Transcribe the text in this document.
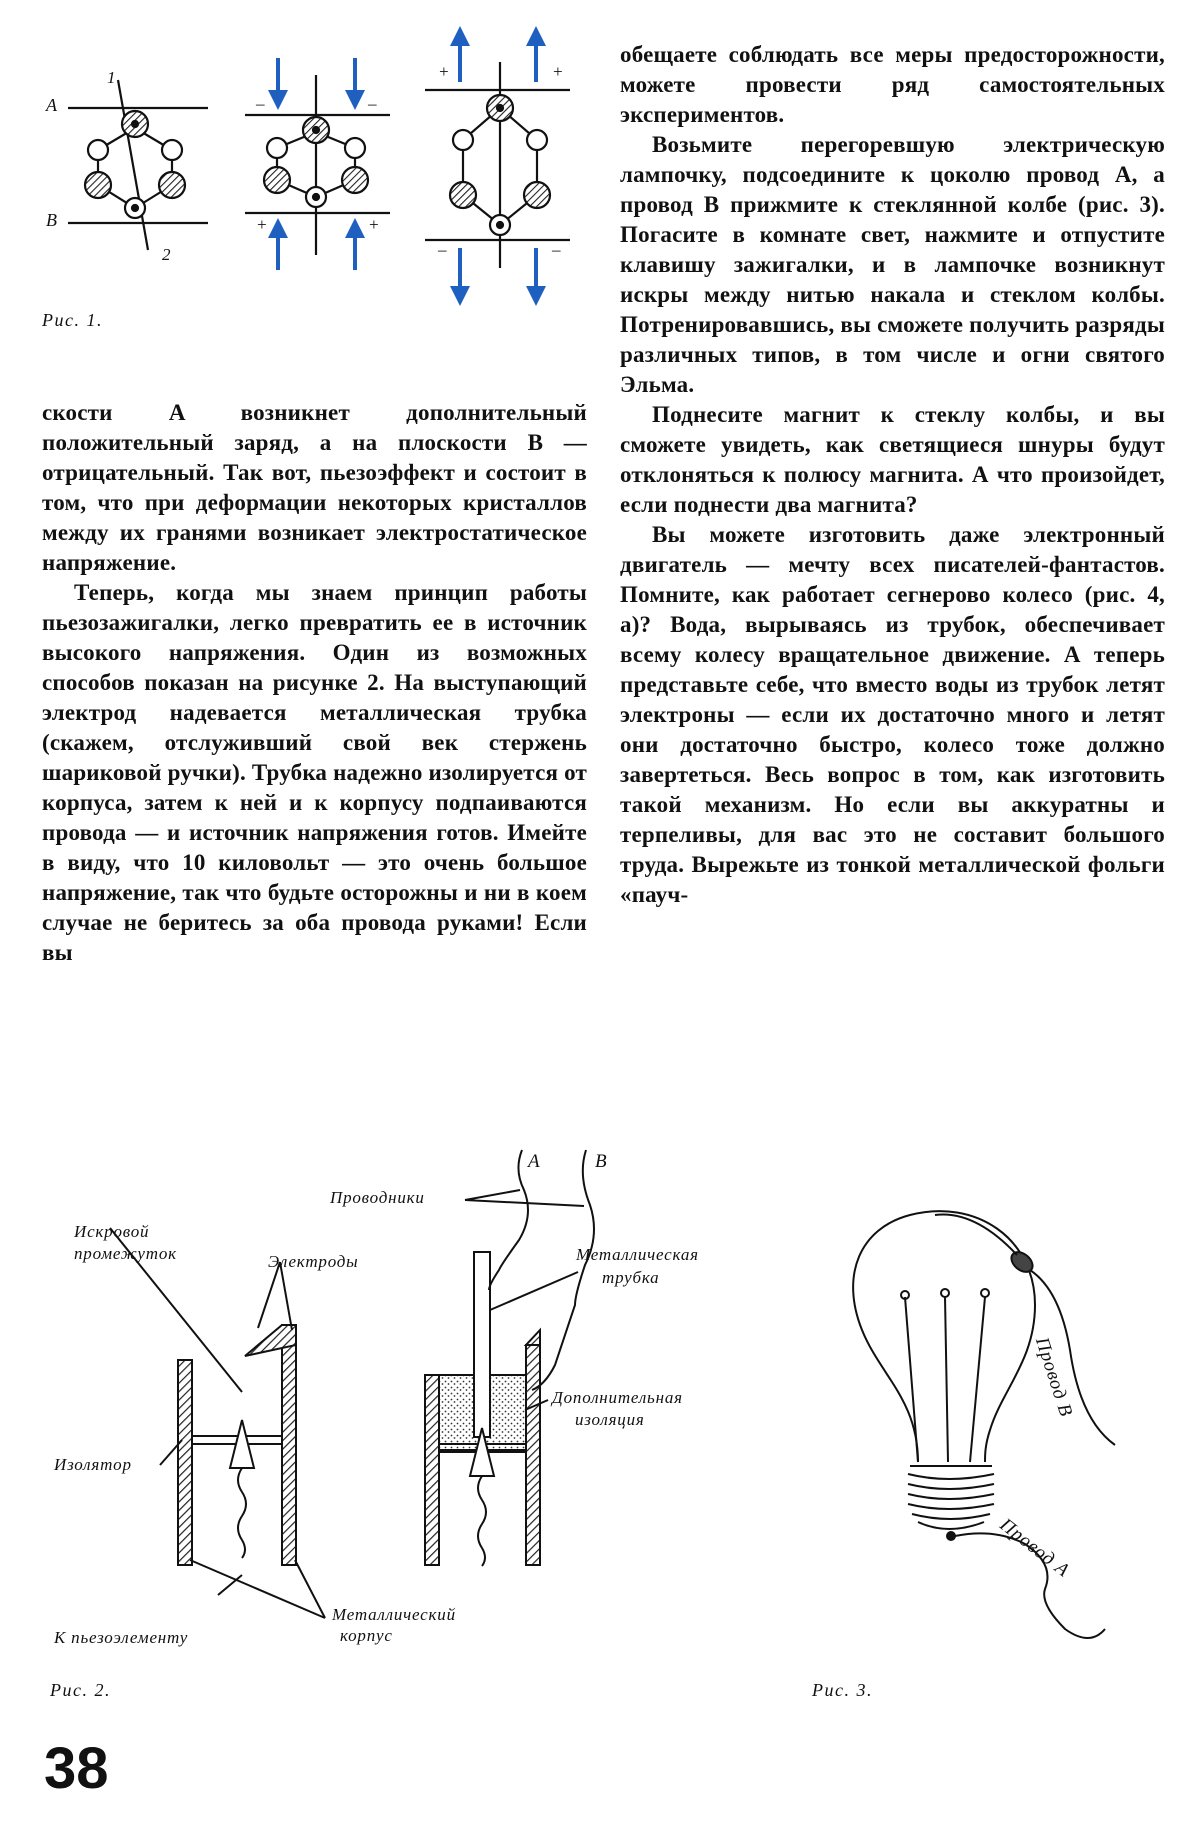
A
B
1
2
–	–
+	+
+	+
–	–
Рис. 1.

скости A возникнет дополнительный положительный заряд, а на плоскости B — отрицательный. Так вот, пьезоэффект и состоит в том, что при деформации некоторых кристаллов между их гранями возникает электростатическое напряжение.

Теперь, когда мы знаем принцип работы пьезозажигалки, легко превратить ее в источник высокого напряжения. Один из возможных способов показан на рисунке 2. На выступающий электрод надевается металлическая трубка (скажем, отслуживший свой век стержень шариковой ручки). Трубка надежно изолируется от корпуса, затем к ней и к корпусу подпаиваются провода — и источник напряжения готов. Имейте в виду, что 10 киловольт — это очень большое напряжение, так что будьте осторожны и ни в коем случае не беритесь за оба провода руками! Если вы

обещаете соблюдать все меры предосторожности, можете провести ряд самостоятельных экспериментов.

Возьмите перегоревшую электрическую лампочку, подсоедините к цоколю провод A, а провод B прижмите к стеклянной колбе (рис. 3). Погасите в комнате свет, нажмите и отпустите клавишу зажигалки, и в лампочке возникнут искры между нитью накала и стеклом колбы. Потренировавшись, вы сможете получить разряды различных типов, в том числе и огни святого Эльма.

Поднесите магнит к стеклу колбы, и вы сможете увидеть, как светящиеся шнуры будут отклоняться к полюсу магнита. А что произойдет, если поднести два магнита?

Вы можете изготовить даже электронный двигатель — мечту всех писателей-фантастов. Помните, как работает сегнерово колесо (рис. 4, а)? Вода, вырываясь из трубок, обеспечивает всему колесу вращательное движение. А теперь представьте себе, что вместо воды из трубок летят электроны — если их достаточно много и летят они достаточно быстро, колесо тоже должно завертеться. Весь вопрос в том, как изготовить такой механизм. Но если вы аккуратны и терпеливы, для вас это не составит большого труда. Вырежьте из тонкой металлической фольги «пауч-

Искровой
промежуток	Электроды
Изолятор
К пьезоэлементу
Металлический
корпус
Проводники
A	B
Металлическая
трубка
Дополнительная
изоляция
Рис. 2.
Провод B
Провод A
Рис. 3.
38
